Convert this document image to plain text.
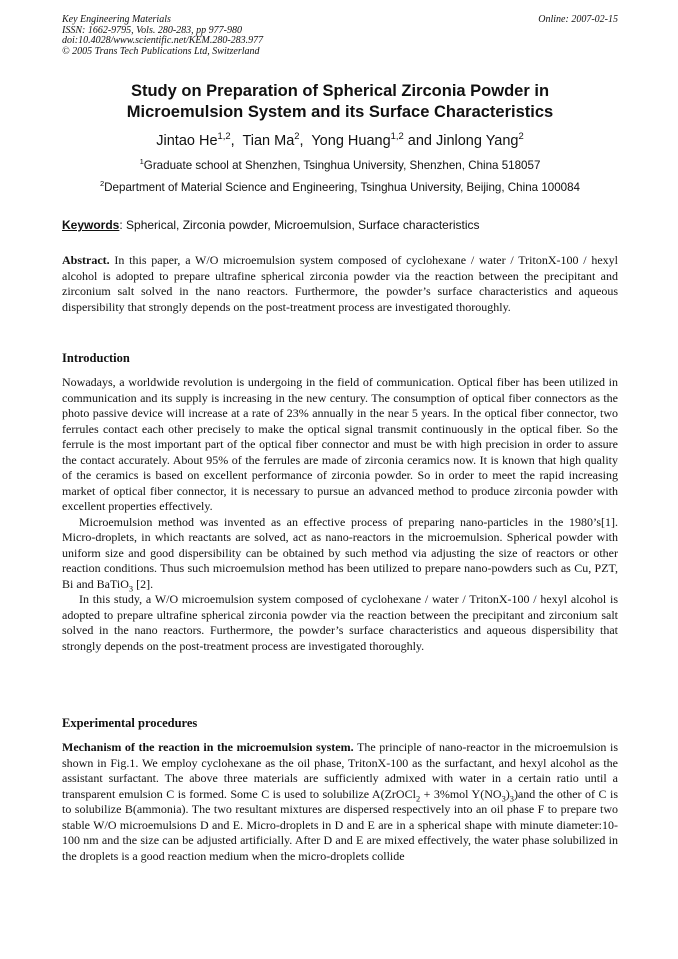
Key Engineering Materials
ISSN: 1662-9795, Vols. 280-283, pp 977-980
doi:10.4028/www.scientific.net/KEM.280-283.977
© 2005 Trans Tech Publications Ltd, Switzerland
Online: 2007-02-15
Study on Preparation of Spherical Zirconia Powder in
Microemulsion System and its Surface Characteristics
Jintao He$^{1,2}$,  Tian Ma$^2$,  Yong Huang$^{1,2}$ and Jinlong Yang$^2$
$^1$Graduate school at Shenzhen, Tsinghua University, Shenzhen, China 518057
$^2$Department of Material Science and Engineering, Tsinghua University, Beijing, China 100084
Keywords: Spherical, Zirconia powder, Microemulsion, Surface characteristics
Abstract. In this paper, a W/O microemulsion system composed of cyclohexane / water / TritonX-100 / hexyl alcohol is adopted to prepare ultrafine spherical zirconia powder via the reaction between the precipitant and zirconium salt solved in the nano reactors. Furthermore, the powder’s surface characteristics and aqueous dispersibility that strongly depends on the post-treatment process are investigated thoroughly.
Introduction

Nowadays, a worldwide revolution is undergoing in the field of communication. Optical fiber has been utilized in communication and its supply is increasing in the new century. The consumption of optical fiber connectors as the photo passive device will increase at a rate of 23% annually in the near 5 years. In the optical fiber connector, two ferrules contact each other precisely to make the optical signal transmit continuously in the optical fiber. So the ferrule is the most important part of the optical fiber connector and must be with high precision in order to assure the contact accurately. About 95% of the ferrules are made of zirconia ceramics now. It is known that high quality of the ceramics is based on excellent performance of zirconia powder. So in order to meet the rapid increasing market of optical fiber connector, it is necessary to pursue an advanced method to produce zirconia powder with excellent properties effectively.

Microemulsion method was invented as an effective process of preparing nano-particles in the 1980’s[1]. Micro-droplets, in which reactants are solved, act as nano-reactors in the microemulsion. Spherical powder with uniform size and good dispersibility can be obtained by such method via adjusting the size of reactors or other reaction conditions. Thus such microemulsion method has been utilized to prepare nano-powders such as Cu, PZT, Bi and BaTiO$_3$ [2].

In this study, a W/O microemulsion system composed of cyclohexane / water / TritonX-100 / hexyl alcohol is adopted to prepare ultrafine spherical zirconia powder via the reaction between the precipitant and zirconium salt solved in the nano reactors. Furthermore, the powder’s surface characteristics and aqueous dispersibility that strongly depends on the post-treatment process are investigated thoroughly.

Experimental procedures

Mechanism of the reaction in the microemulsion system. The principle of nano-reactor in the microemulsion is shown in Fig.1. We employ cyclohexane as the oil phase, TritonX-100 as the surfactant, and hexyl alcohol as the assistant surfactant. The above three materials are sufficiently admixed with water in a certain ratio until a transparent emulsion C is formed. Some C is used to solubilize A(ZrOCl$_2$ + 3%mol $Y(NO_3)_3)and$ the other of C is to solubilize B(ammonia). The two resultant mixtures are dispersed respectively into an oil phase F to prepare two stable W/O microemulsions D and E. Micro-droplets in D and E are in a spherical shape with minute diameter:10-100 nm and the size can be adjusted artificially. After D and E are mixed effectively, the water phase solubilized in the droplets is a good reaction medium when the micro-droplets collide
